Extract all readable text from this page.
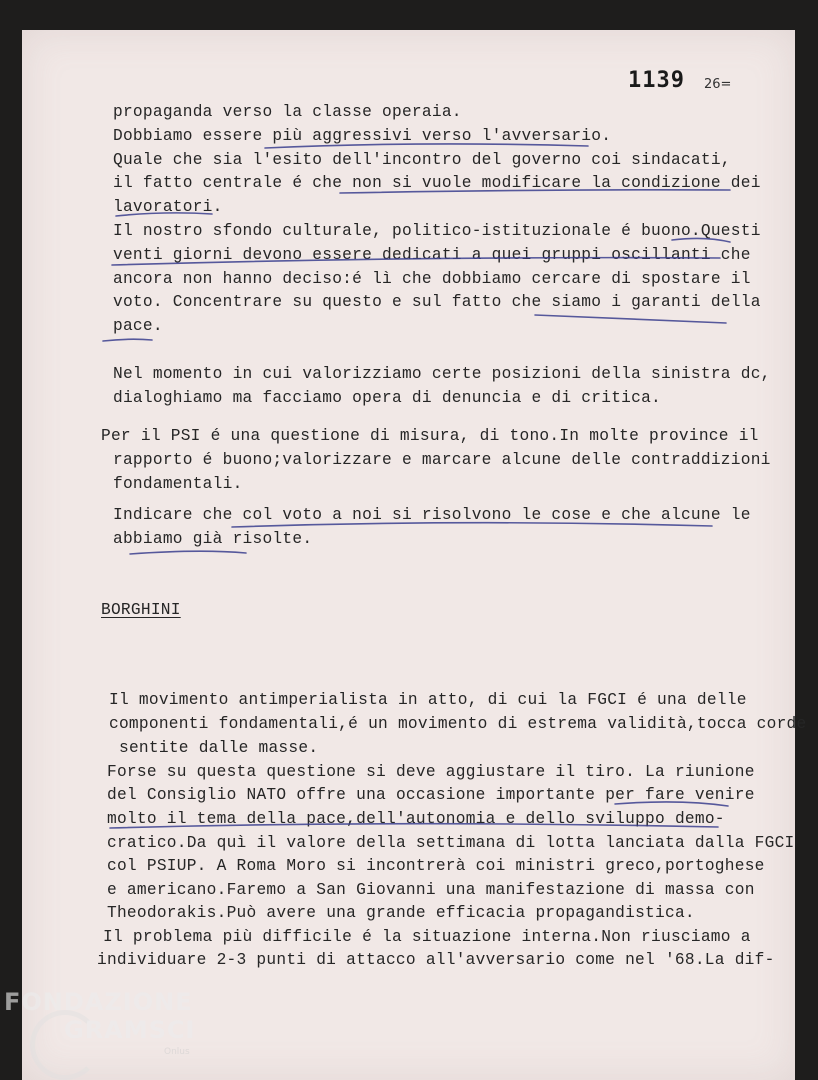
1139 26=
propaganda verso la classe operaia.
Dobbiamo essere più aggressivi verso l'avversario.
Quale che sia l'esito dell'incontro del governo coi sindacati,
il fatto centrale é che non si vuole modificare la condizione dei
lavoratori.
Il nostro sfondo culturale, politico-istituzionale é buono.Questi
venti giorni devono essere dedicati a quei gruppi oscillanti che
ancora non hanno deciso:é lì che dobbiamo cercare di spostare il
voto. Concentrare su questo e sul fatto che siamo i garanti della
pace.
Nel momento in cui valorizziamo certe posizioni della sinistra dc,
dialoghiamo ma facciamo opera di denuncia e di critica.
Per il PSI é una questione di misura, di tono.In molte province il
rapporto é buono;valorizzare e marcare alcune delle contraddizioni
fondamentali.
Indicare che col voto a noi si risolvono le cose e che alcune le
abbiamo già risolte.
BORGHINI
Il movimento antimperialista in atto, di cui la FGCI é una delle
componenti fondamentali,é un movimento di estrema validità,tocca corde
sentite dalle masse.
Forse su questa questione si deve aggiustare il tiro. La riunione
del Consiglio NATO offre una occasione importante per fare venire
molto il tema della pace,dell'autonomia e dello sviluppo demo-
cratico.Da quì il valore della settimana di lotta lanciata dalla FGCI
col PSIUP. A Roma Moro si incontrerà coi ministri greco,portoghese
e americano.Faremo a San Giovanni una manifestazione di massa con
Theodorakis.Può avere una grande efficacia propagandistica.
Il problema più difficile é la situazione interna.Non riusciamo a
individuare 2-3 punti di attacco all'avversario come nel '68.La dif-
FONDAZIONE
GRAMSCI
Onlus
